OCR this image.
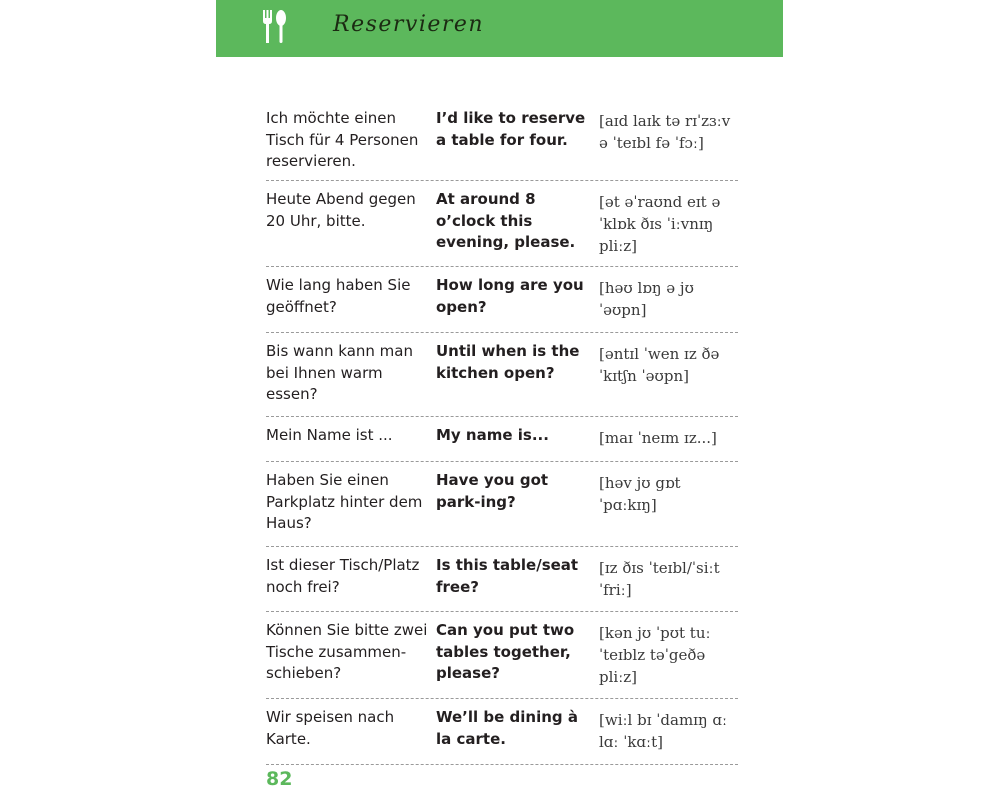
Reservieren
Ich möchte einen Tisch für 4 Personen reservieren.
I’d like to reserve a table for four.
[aɪd laɪk tə rɪˈzɜːv ə ˈteɪbl fə ˈfɔː]
Heute Abend gegen 20 Uhr, bitte.
At around 8 o’clock this evening, please.
[ət əˈraʊnd eɪt əˈklɒk ðɪs ˈiːvnɪŋ pliːz]
Wie lang haben Sie geöffnet?
How long are you open?
[həʊ lɒŋ ə jʊ ˈəʊpn]
Bis wann kann man bei Ihnen warm essen?
Until when is the kitchen open?
[əntɪl ˈwen ɪz ðə ˈkɪtʃn ˈəʊpn]
Mein Name ist ...	My name is...	[maɪ ˈneɪm ɪz...]
Haben Sie einen Parkplatz hinter dem Haus?
Have you got park-ing?
[həv jʊ gɒt ˈpɑːkɪŋ]
Ist dieser Tisch/Platz noch frei?
Is this table/seat free?
[ɪz ðɪs ˈteɪbl/ˈsiːt ˈfriː]
Können Sie bitte zwei Tische zusammen-schieben?
Can you put two tables together, please?
[kən jʊ ˈpʊt tuː ˈteɪblz təˈgeðə pliːz]
Wir speisen nach Karte.
We’ll be dining à la carte.
[wiːl bɪ ˈdamɪŋ ɑː lɑː ˈkɑːt]
82
